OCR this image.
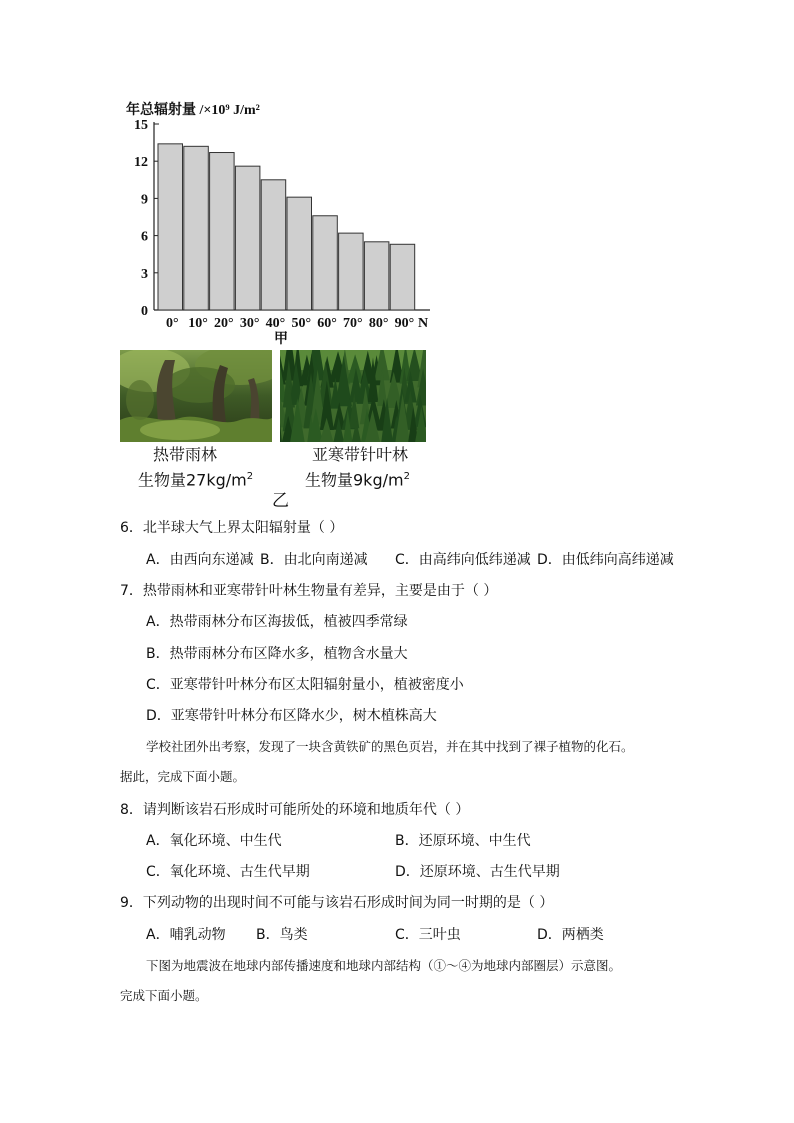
年总辐射量 /×10⁹ J/m²
0
3
6
9
12
15
0° 10° 20° 30° 40° 50° 60° 70° 80° 90° N
甲
热带雨林
生物量$27kg/m^2$
亚寒带针叶林
生物量$9kg/m^2$
乙
6．北半球大气上界太阳辐射量（ ）
A．由西向东递减 B．由北向南递减 C．由高纬向低纬递减 D．由低纬向高纬递减
7．热带雨林和亚寒带针叶林生物量有差异，主要是由于（ ）
A．热带雨林分布区海拔低，植被四季常绿
B．热带雨林分布区降水多，植物含水量大
C．亚寒带针叶林分布区太阳辐射量小，植被密度小
D．亚寒带针叶林分布区降水少，树木植株高大
学校社团外出考察，发现了一块含黄铁矿的黑色页岩，并在其中找到了裸子植物的化石。
据此，完成下面小题。
8．请判断该岩石形成时可能所处的环境和地质年代（ ）
A．氧化环境、中生代	B．还原环境、中生代
C．氧化环境、古生代早期	D．还原环境、古生代早期
9．下列动物的出现时间不可能与该岩石形成时间为同一时期的是（ ）
A．哺乳动物 B．鸟类	C．三叶虫	D．两栖类
下图为地震波在地球内部传播速度和地球内部结构（①～④为地球内部圈层）示意图。
完成下面小题。
